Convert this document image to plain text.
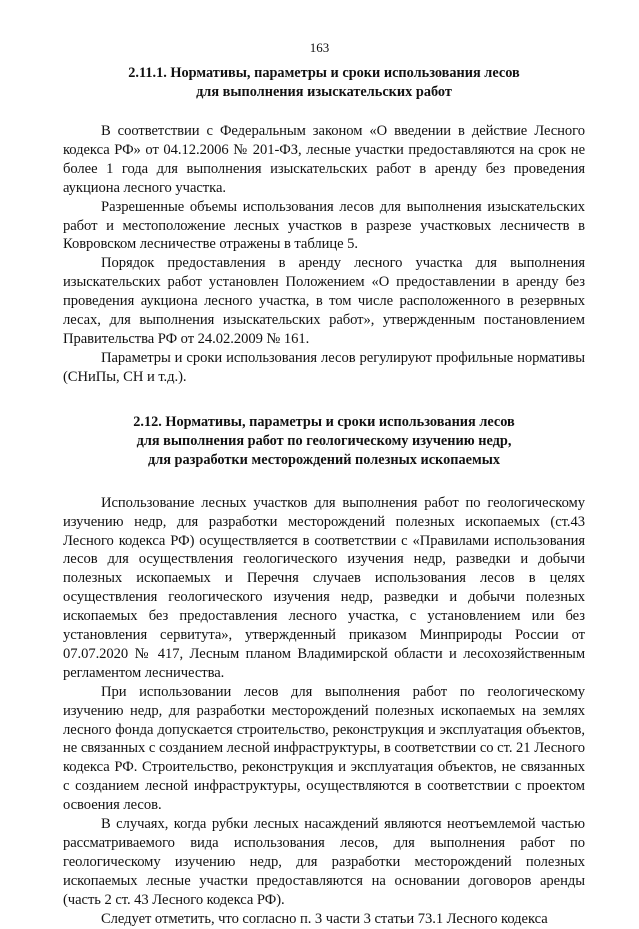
163
2.11.1. Нормативы, параметры и сроки использования лесов
для выполнения изыскательских работ

В соответствии с Федеральным законом «О введении в действие Лесного кодекса РФ» от 04.12.2006 № 201-ФЗ, лесные участки предоставляются на срок не более 1 года для выполнения изыскательских работ в аренду без проведения аукциона лесного участка.

Разрешенные объемы использования лесов для выполнения изыскательских работ и местоположение лесных участков в разрезе участковых лесничеств в Ковровском лесничестве отражены в таблице 5.

Порядок предоставления в аренду лесного участка для выполнения изыскательских работ установлен Положением «О предоставлении в аренду без проведения аукциона лесного участка, в том числе расположенного в резервных лесах, для выполнения изыскательских работ», утвержденным постановлением Правительства РФ от 24.02.2009 № 161.

Параметры и сроки использования лесов регулируют профильные нормативы (СНиПы, СН и т.д.).

2.12. Нормативы, параметры и сроки использования лесов
для выполнения работ по геологическому изучению недр,
для разработки месторождений полезных ископаемых

Использование лесных участков для выполнения работ по геологическому изучению недр, для разработки месторождений полезных ископаемых (ст.43 Лесного кодекса РФ) осуществляется в соответствии с «Правилами использования лесов для осуществления геологического изучения недр, разведки и добычи полезных ископаемых и Перечня случаев использования лесов в целях осуществления геологического изучения недр, разведки и добычи полезных ископаемых без предоставления лесного участка, с установлением или без установления сервитута», утвержденный приказом Минприроды России от 07.07.2020 № 417, Лесным планом Владимирской области и лесохозяйственным регламентом лесничества.

При использовании лесов для выполнения работ по геологическому изучению недр, для разработки месторождений полезных ископаемых на землях лесного фонда допускается строительство, реконструкция и эксплуатация объектов, не связанных с созданием лесной инфраструктуры, в соответствии со ст. 21 Лесного кодекса РФ. Строительство, реконструкция и эксплуатация объектов, не связанных с созданием лесной инфраструктуры, осуществляются в соответствии с проектом освоения лесов.

В случаях, когда рубки лесных насаждений являются неотъемлемой частью рассматриваемого вида использования лесов, для выполнения работ по геологическому изучению недр, для разработки месторождений полезных ископаемых лесные участки предоставляются на основании договоров аренды (часть 2 ст. 43 Лесного кодекса РФ).

Следует отметить, что согласно п. 3 части 3 статьи 73.1 Лесного кодекса
